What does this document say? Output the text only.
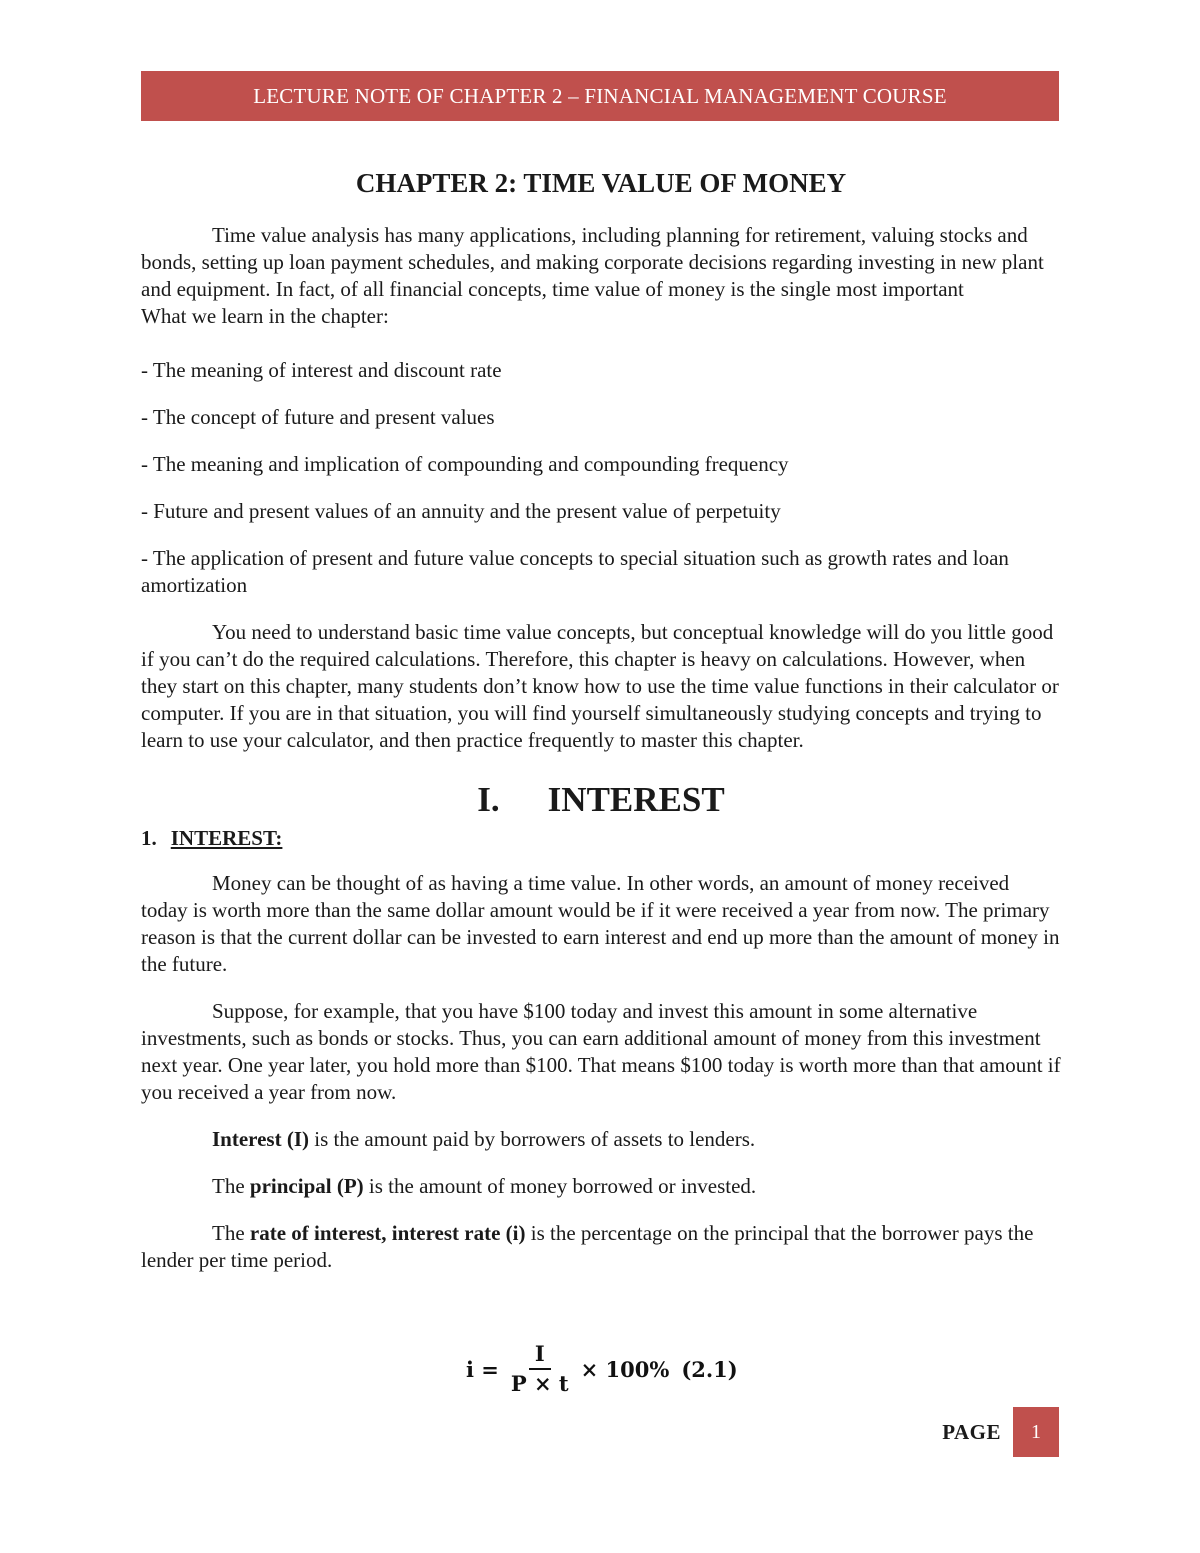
LECTURE NOTE OF CHAPTER 2 – FINANCIAL MANAGEMENT COURSE
CHAPTER 2: TIME VALUE OF MONEY

Time value analysis has many applications, including planning for retirement, valuing stocks and bonds, setting up loan payment schedules, and making corporate decisions regarding investing in new plant and equipment. In fact, of all financial concepts, time value of money is the single most important

What we learn in the chapter:

- The meaning of interest and discount rate

- The concept of future and present values

- The meaning and implication of compounding and compounding frequency

- Future and present values of an annuity and the present value of perpetuity

- The application of present and future value concepts to special situation such as growth rates and loan amortization

You need to understand basic time value concepts, but conceptual knowledge will do you little good if you can’t do the required calculations. Therefore, this chapter is heavy on calculations. However, when they start on this chapter, many students don’t know how to use the time value functions in their calculator or computer. If you are in that situation, you will find yourself simultaneously studying concepts and trying to learn to use your calculator, and then practice frequently to master this chapter.

I. INTEREST
1. INTEREST:

Money can be thought of as having a time value. In other words, an amount of money received today is worth more than the same dollar amount would be if it were received a year from now. The primary reason is that the current dollar can be invested to earn interest and end up more than the amount of money in the future.

Suppose, for example, that you have $100 today and invest this amount in some alternative investments, such as bonds or stocks. Thus, you can earn additional amount of money from this investment next year. One year later, you hold more than $100. That means $100 today is worth more than that amount if you received a year from now.

Interest (I) is the amount paid by borrowers of assets to lenders.

The principal (P) is the amount of money borrowed or invested.

The rate of interest, interest rate (i) is the percentage on the principal that the borrower pays the lender per time period.

$i = \frac{I}{P \times t} \times 100\%$ (2.1)
PAGE	1
